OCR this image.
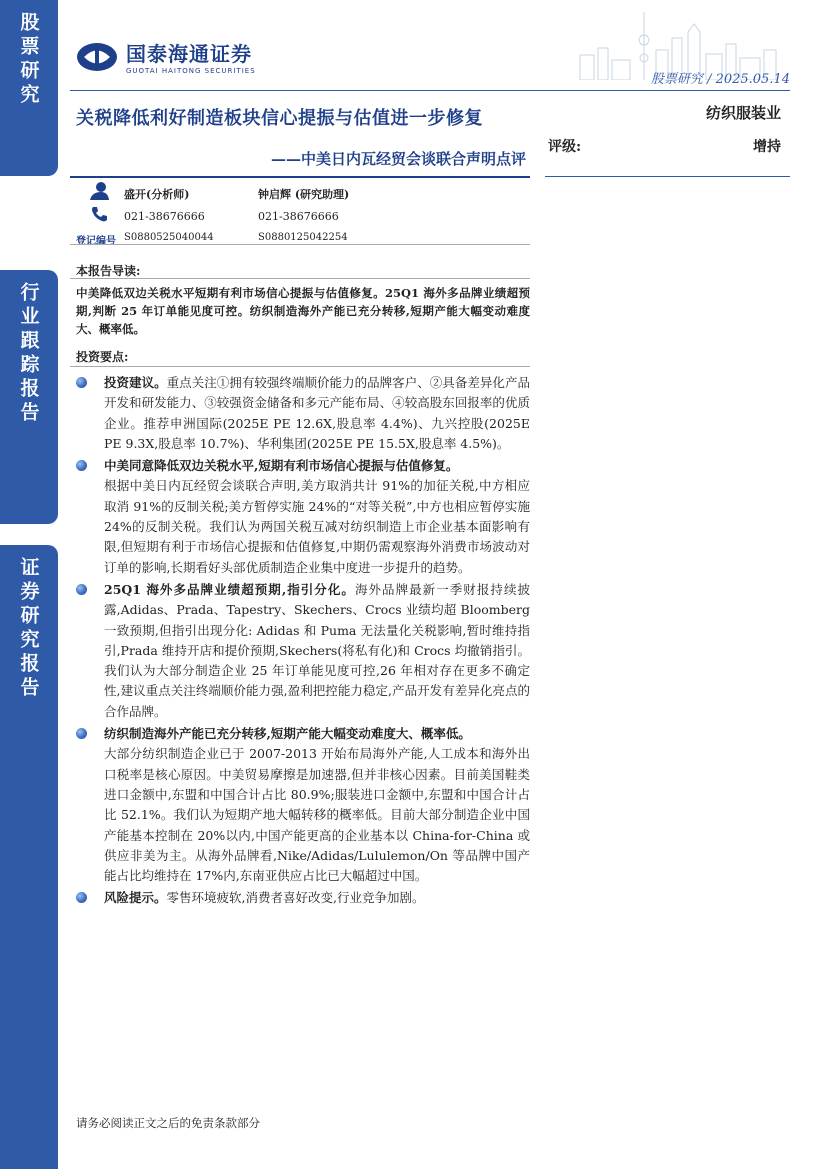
股票研究
行业跟踪报告
证券研究报告
国泰海通证券
GUOTAI HAITONG SECURITIES
股票研究 / 2025.05.14
关税降低利好制造板块信心提振与估值进一步修复
——中美日内瓦经贸会谈联合声明点评
纺织服装业
评级:	增持
盛开(分析师)	钟启辉 (研究助理)
021-38676666	021-38676666
登记编号 S0880525040044	S0880125042254
本报告导读:
中美降低双边关税水平短期有利市场信心提振与估值修复。25Q1 海外多品牌业绩超预期,判断 25 年订单能见度可控。纺织制造海外产能已充分转移,短期产能大幅变动难度大、概率低。
投资要点:
投资建议。重点关注①拥有较强终端顺价能力的品牌客户、②具备差异化产品开发和研发能力、③较强资金储备和多元产能布局、④较高股东回报率的优质企业。推荐申洲国际(2025E PE 12.6X,股息率 4.4%)、九兴控股(2025E PE 9.3X,股息率 10.7%)、华利集团(2025E PE 15.5X,股息率 4.5%)。
中美同意降低双边关税水平,短期有利市场信心提振与估值修复。
根据中美日内瓦经贸会谈联合声明,美方取消共计 91%的加征关税,中方相应取消 91%的反制关税;美方暂停实施 24%的“对等关税”,中方也相应暂停实施 24%的反制关税。我们认为两国关税互减对纺织制造上市企业基本面影响有限,但短期有利于市场信心提振和估值修复,中期仍需观察海外消费市场波动对订单的影响,长期看好头部优质制造企业集中度进一步提升的趋势。
25Q1 海外多品牌业绩超预期,指引分化。海外品牌最新一季财报持续披露,Adidas、Prada、Tapestry、Skechers、Crocs 业绩均超 Bloomberg 一致预期,但指引出现分化: Adidas 和 Puma 无法量化关税影响,暂时维持指引,Prada 维持开店和提价预期,Skechers(将私有化)和 Crocs 均撤销指引。我们认为大部分制造企业 25 年订单能见度可控,26 年相对存在更多不确定性,建议重点关注终端顺价能力强,盈利把控能力稳定,产品开发有差异化亮点的合作品牌。
纺织制造海外产能已充分转移,短期产能大幅变动难度大、概率低。
大部分纺织制造企业已于 2007-2013 开始布局海外产能,人工成本和海外出口税率是核心原因。中美贸易摩擦是加速器,但并非核心因素。目前美国鞋类进口金额中,东盟和中国合计占比 80.9%;服装进口金额中,东盟和中国合计占比 52.1%。我们认为短期产地大幅转移的概率低。目前大部分制造企业中国产能基本控制在 20%以内,中国产能更高的企业基本以 China-for-China 或供应非美为主。从海外品牌看,Nike/Adidas/Lululemon/On 等品牌中国产能占比均维持在 17%内,东南亚供应占比已大幅超过中国。
风险提示。零售环境疲软,消费者喜好改变,行业竞争加剧。
请务必阅读正文之后的免责条款部分
